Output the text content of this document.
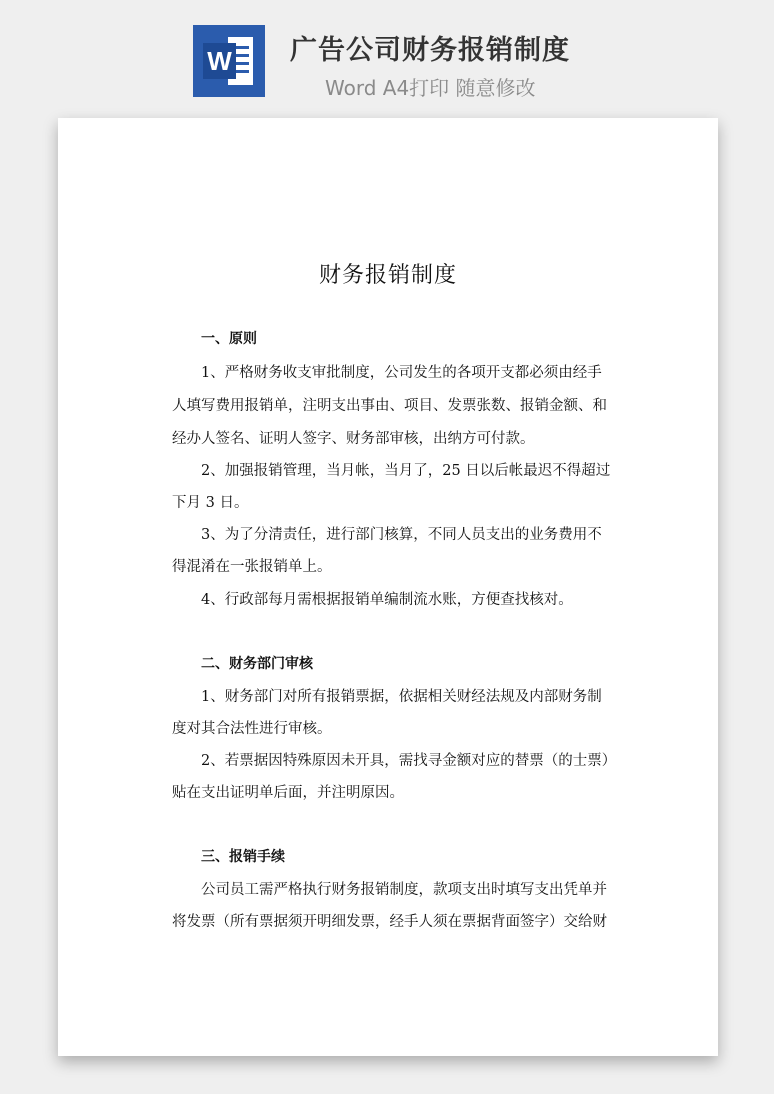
W 广告公司财务报销制度
Word A4打印 随意修改
财务报销制度
一、原则
1、严格财务收支审批制度，公司发生的各项开支都必须由经手
人填写费用报销单，注明支出事由、项目、发票张数、报销金额、和
经办人签名、证明人签字、财务部审核，出纳方可付款。
2、加强报销管理，当月帐，当月了，25 日以后帐最迟不得超过
下月 3 日。
3、为了分清责任，进行部门核算，不同人员支出的业务费用不
得混淆在一张报销单上。
4、行政部每月需根据报销单编制流水账，方便查找核对。
二、财务部门审核
1、财务部门对所有报销票据，依据相关财经法规及内部财务制
度对其合法性进行审核。
2、若票据因特殊原因未开具，需找寻金额对应的替票（的士票）
贴在支出证明单后面，并注明原因。
三、报销手续
公司员工需严格执行财务报销制度，款项支出时填写支出凭单并
将发票（所有票据须开明细发票，经手人须在票据背面签字）交给财
